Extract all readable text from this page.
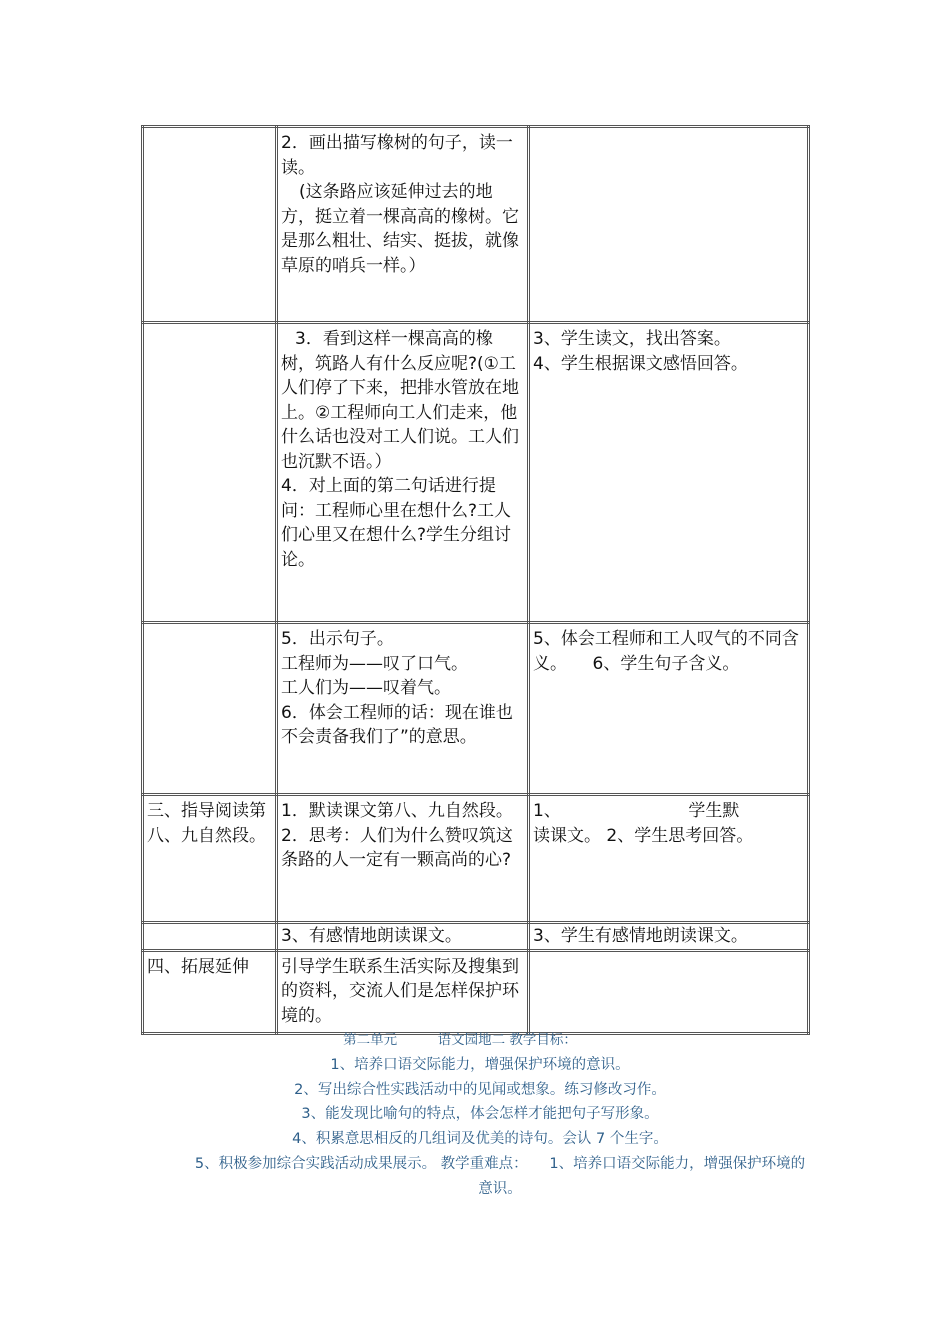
	2．画出描写橡树的句子，读一读。
(这条路应该延伸过去的地方，挺立着一棵高高的橡树。它是那么粗壮、结实、挺拔，就像草原的哨兵一样。）	

	3．看到这样一棵高高的橡树，筑路人有什么反应呢?(①工人们停了下来，把排水管放在地上。②工程师向工人们走来，他什么话也没对工人们说。工人们也沉默不语。）
4．对上面的第二句话进行提问：工程师心里在想什么?工人们心里又在想什么?学生分组讨论。	3、学生读文，找出答案。
4、学生根据课文感悟回答。

	5．出示句子。
工程师为——叹了口气。
工人们为——叹着气。
6．体会工程师的话：现在谁也不会责备我们了”的意思。	5、体会工程师和工人叹气的不同含义。　　6、学生句子含义。

三、指导阅读第八、九自然段。	1．默读课文第八、九自然段。
2．思考：人们为什么赞叹筑这条路的人一定有一颗高尚的心?	1、　　　　　　　　学生默
读课文。 2、学生思考回答。

	3、有感情地朗读课文。	3、学生有感情地朗读课文。

四、拓展延伸	引导学生联系生活实际及搜集到的资料，交流人们是怎样保护环境的。	

第二单元　　　语文园地二 教学目标：
1、培养口语交际能力，增强保护环境的意识。
2、写出综合性实践活动中的见闻或想象。练习修改习作。
3、能发现比喻句的特点，体会怎样才能把句子写形象。
4、积累意思相反的几组词及优美的诗句。会认 7 个生字。
5、积极参加综合实践活动成果展示。 教学重难点：　　1、培养口语交际能力，增强保护环境的意识。
